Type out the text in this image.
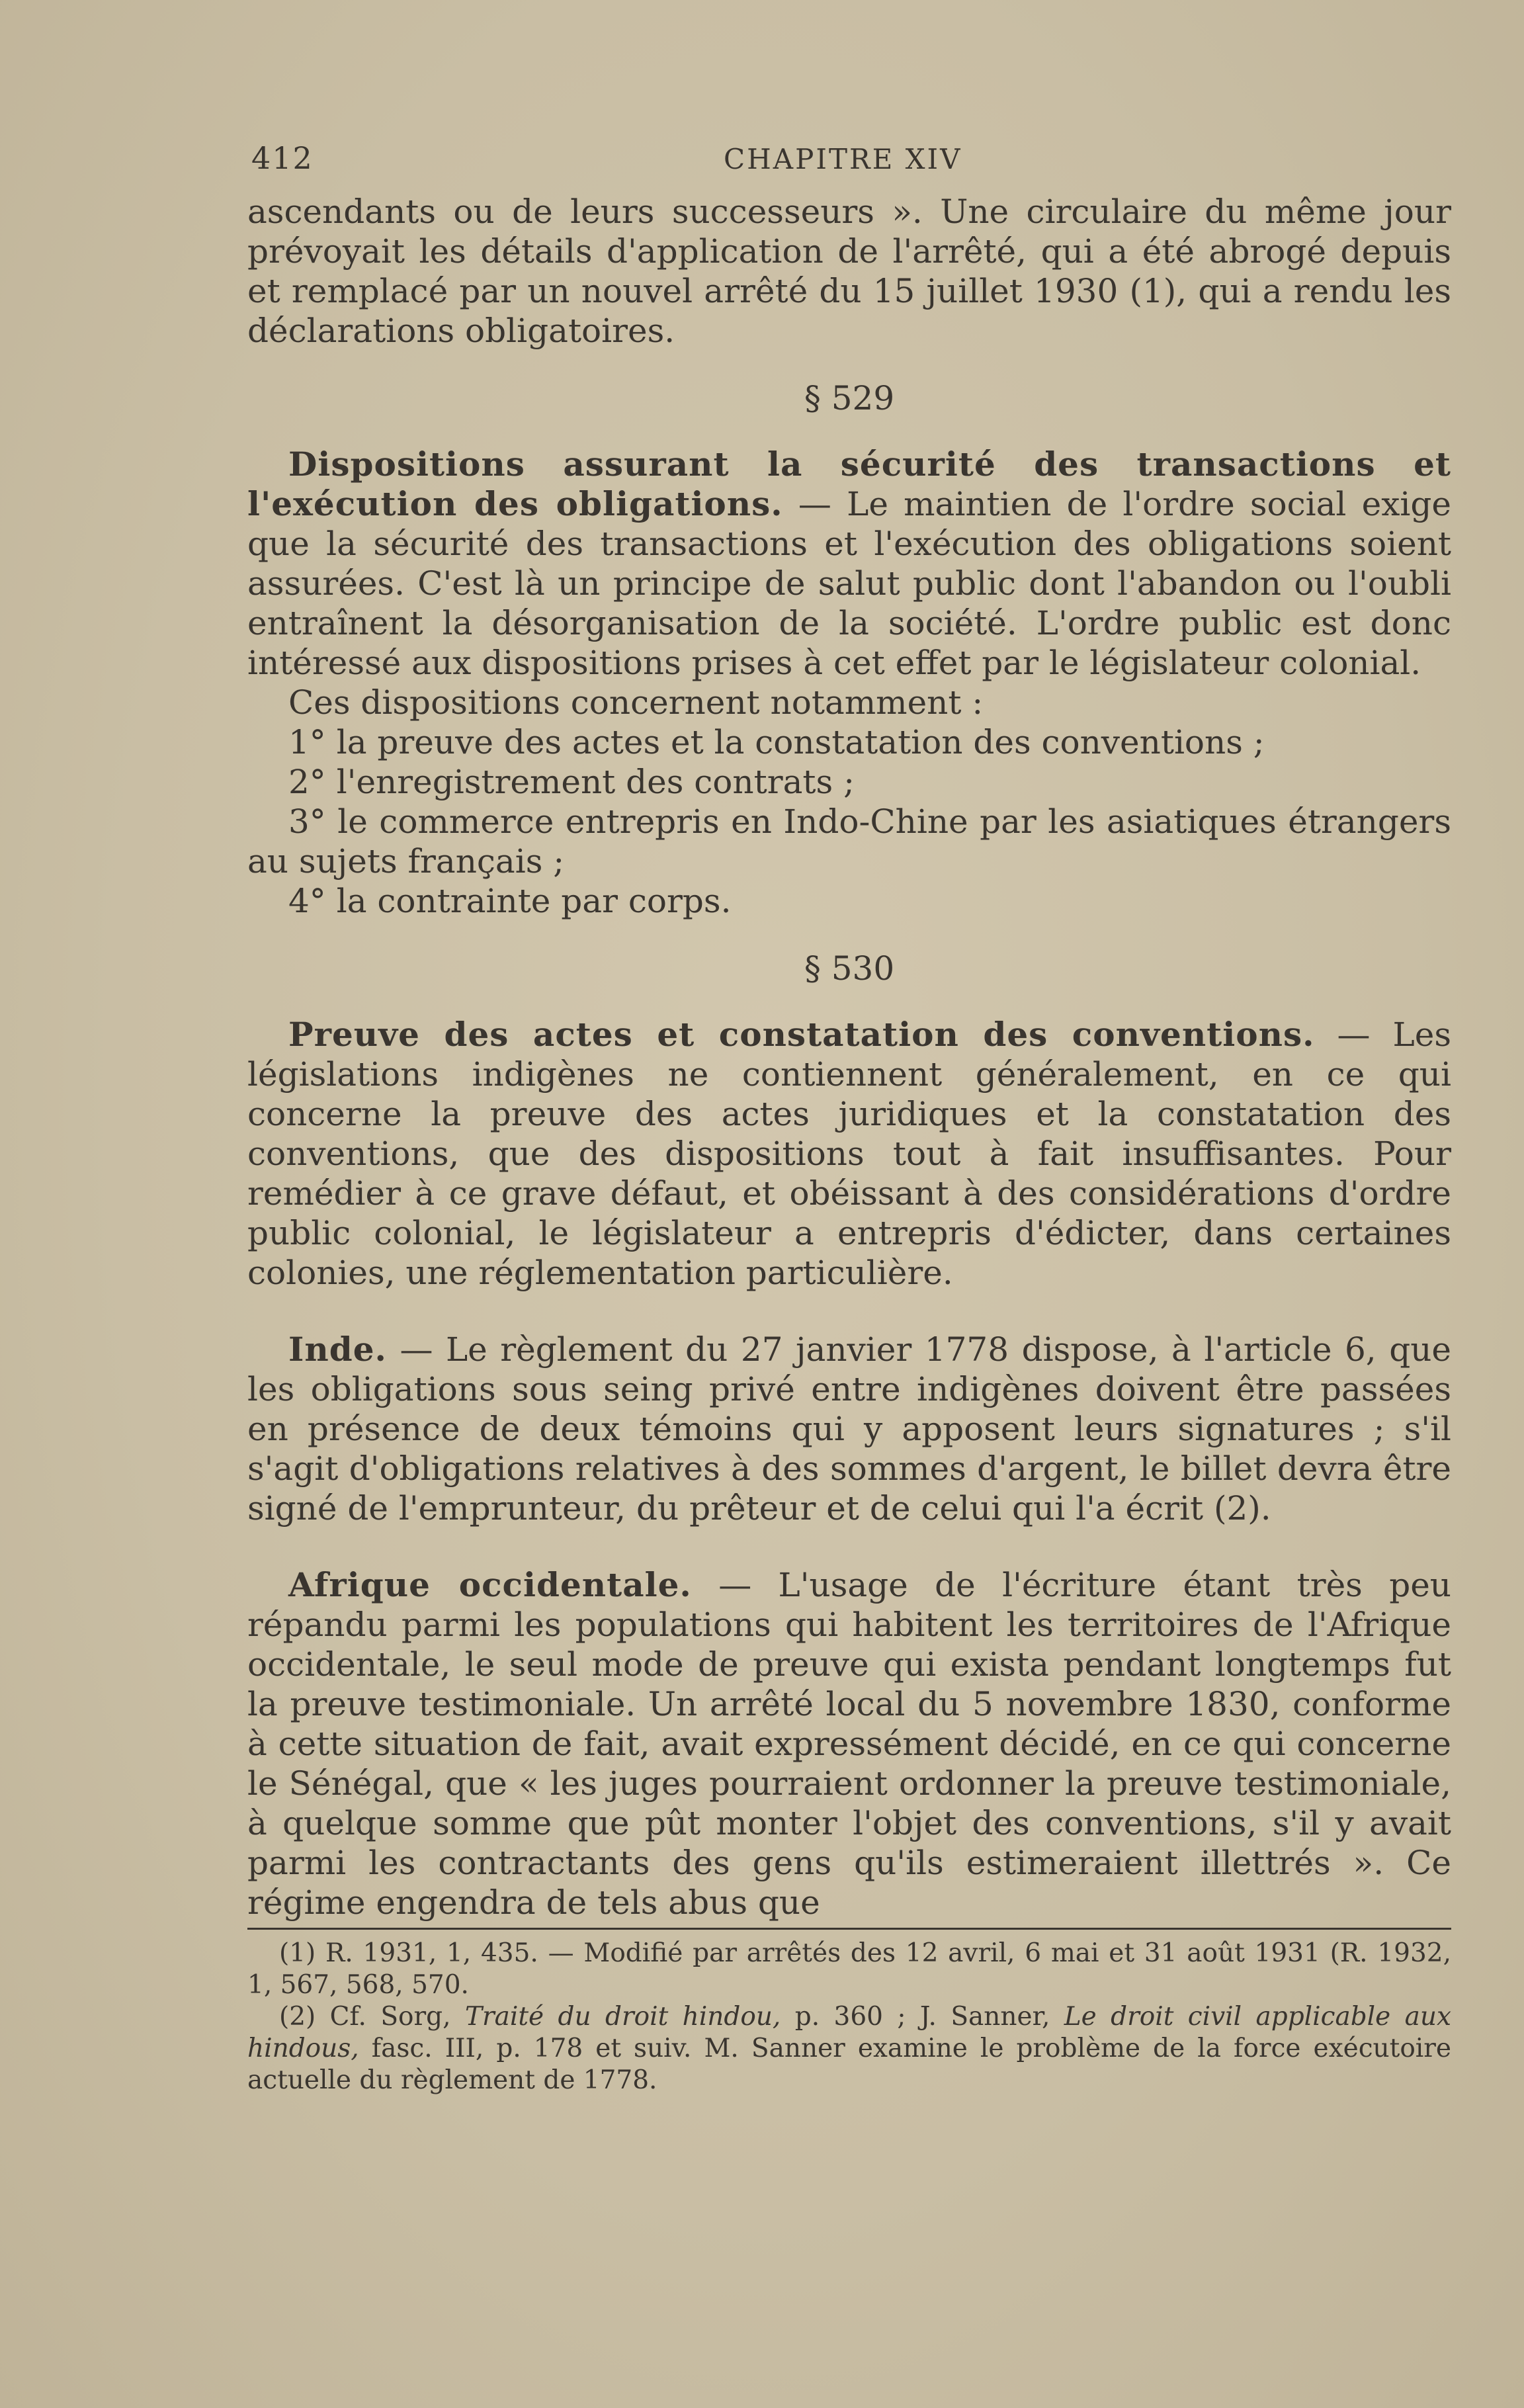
412	CHAPITRE XIV

ascendants ou de leurs successeurs ». Une circulaire du même jour prévoyait les détails d'application de l'arrêté, qui a été abrogé depuis et remplacé par un nouvel arrêté du 15 juillet 1930 (1), qui a rendu les déclarations obligatoires.

§ 529

Dispositions assurant la sécurité des transactions et l'exécution des obligations. — Le maintien de l'ordre social exige que la sécurité des transactions et l'exécution des obligations soient assurées. C'est là un principe de salut public dont l'abandon ou l'oubli entraînent la désorganisation de la société. L'ordre public est donc intéressé aux dispositions prises à cet effet par le législateur colonial.

Ces dispositions concernent notamment :

1° la preuve des actes et la constatation des conventions ;

2° l'enregistrement des contrats ;

3° le commerce entrepris en Indo-Chine par les asiatiques étrangers au sujets français ;

4° la contrainte par corps.

§ 530

Preuve des actes et constatation des conventions. — Les législations indigènes ne contiennent généralement, en ce qui concerne la preuve des actes juridiques et la constatation des conventions, que des dispositions tout à fait insuffisantes. Pour remédier à ce grave défaut, et obéissant à des considérations d'ordre public colonial, le législateur a entrepris d'édicter, dans certaines colonies, une réglementation particulière.

Inde. — Le règlement du 27 janvier 1778 dispose, à l'article 6, que les obligations sous seing privé entre indigènes doivent être passées en présence de deux témoins qui y apposent leurs signatures ; s'il s'agit d'obligations relatives à des sommes d'argent, le billet devra être signé de l'emprunteur, du prêteur et de celui qui l'a écrit (2).

Afrique occidentale. — L'usage de l'écriture étant très peu répandu parmi les populations qui habitent les territoires de l'Afrique occidentale, le seul mode de preuve qui exista pendant longtemps fut la preuve testimoniale. Un arrêté local du 5 novembre 1830, conforme à cette situation de fait, avait expressément décidé, en ce qui concerne le Sénégal, que « les juges pourraient ordonner la preuve testimoniale, à quelque somme que pût monter l'objet des conventions, s'il y avait parmi les contractants des gens qu'ils estimeraient illettrés ». Ce régime engendra de tels abus que

(1) R. 1931, 1, 435. — Modifié par arrêtés des 12 avril, 6 mai et 31 août 1931 (R. 1932, 1, 567, 568, 570.

(2) Cf. Sorg, Traité du droit hindou, p. 360 ; J. Sanner, Le droit civil applicable aux hindous, fasc. III, p. 178 et suiv. M. Sanner examine le problème de la force exécutoire actuelle du règlement de 1778.
